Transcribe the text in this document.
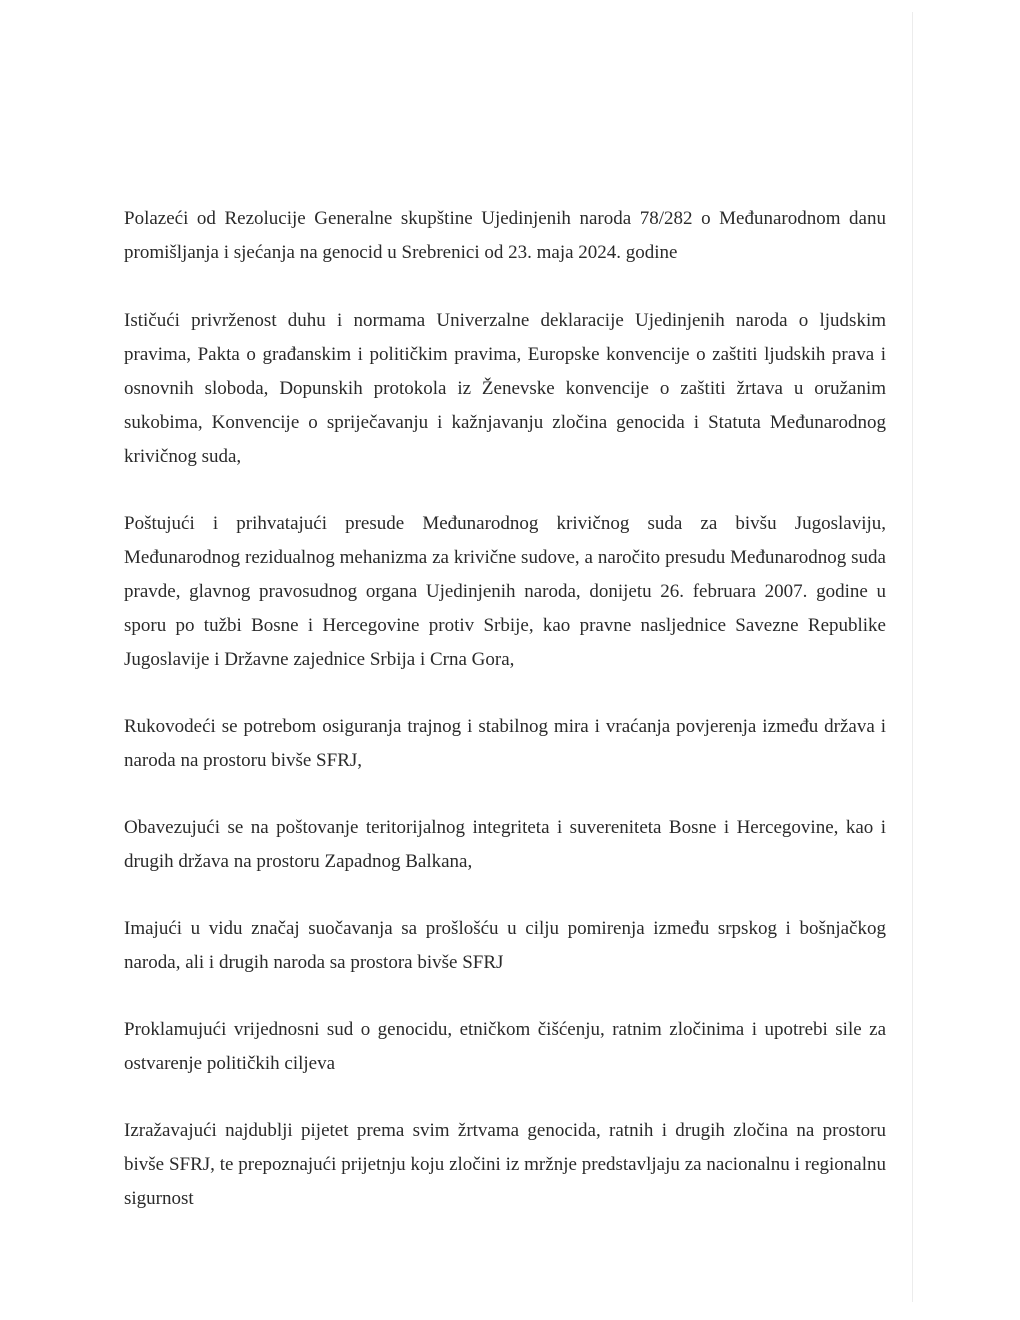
Polazeći od Rezolucije Generalne skupštine Ujedinjenih naroda 78/282 o Međunarodnom danu promišljanja i sjećanja na genocid u Srebrenici od 23. maja 2024. godine

Ističući privrženost duhu i normama Univerzalne deklaracije Ujedinjenih naroda o ljudskim pravima, Pakta o građanskim i političkim pravima, Europske konvencije o zaštiti ljudskih prava i osnovnih sloboda, Dopunskih protokola iz Ženevske konvencije o zaštiti žrtava u oružanim sukobima, Konvencije o spriječavanju i kažnjavanju zločina genocida i Statuta Međunarodnog krivičnog suda,

Poštujući i prihvatajući presude Međunarodnog krivičnog suda za bivšu Jugoslaviju, Međunarodnog rezidualnog mehanizma za krivične sudove, a naročito presudu Međunarodnog suda pravde, glavnog pravosudnog organa Ujedinjenih naroda, donijetu 26. februara 2007. godine u sporu po tužbi Bosne i Hercegovine protiv Srbije, kao pravne nasljednice Savezne Republike Jugoslavije i Državne zajednice Srbija i Crna Gora,

Rukovodeći se potrebom osiguranja trajnog i stabilnog mira i vraćanja povjerenja između država i naroda na prostoru bivše SFRJ,

Obavezujući se na poštovanje teritorijalnog integriteta i suvereniteta Bosne i Hercegovine, kao i drugih država na prostoru Zapadnog Balkana,

Imajući u vidu značaj suočavanja sa prošlošću u cilju pomirenja između srpskog i bošnjačkog naroda, ali i drugih naroda sa prostora bivše SFRJ

Proklamujući vrijednosni sud o genocidu, etničkom čišćenju, ratnim zločinima i upotrebi sile za ostvarenje političkih ciljeva

Izražavajući najdublji pijetet prema svim žrtvama genocida, ratnih i drugih zločina na prostoru bivše SFRJ, te prepoznajući prijetnju koju zločini iz mržnje predstavljaju za nacionalnu i regionalnu sigurnost
